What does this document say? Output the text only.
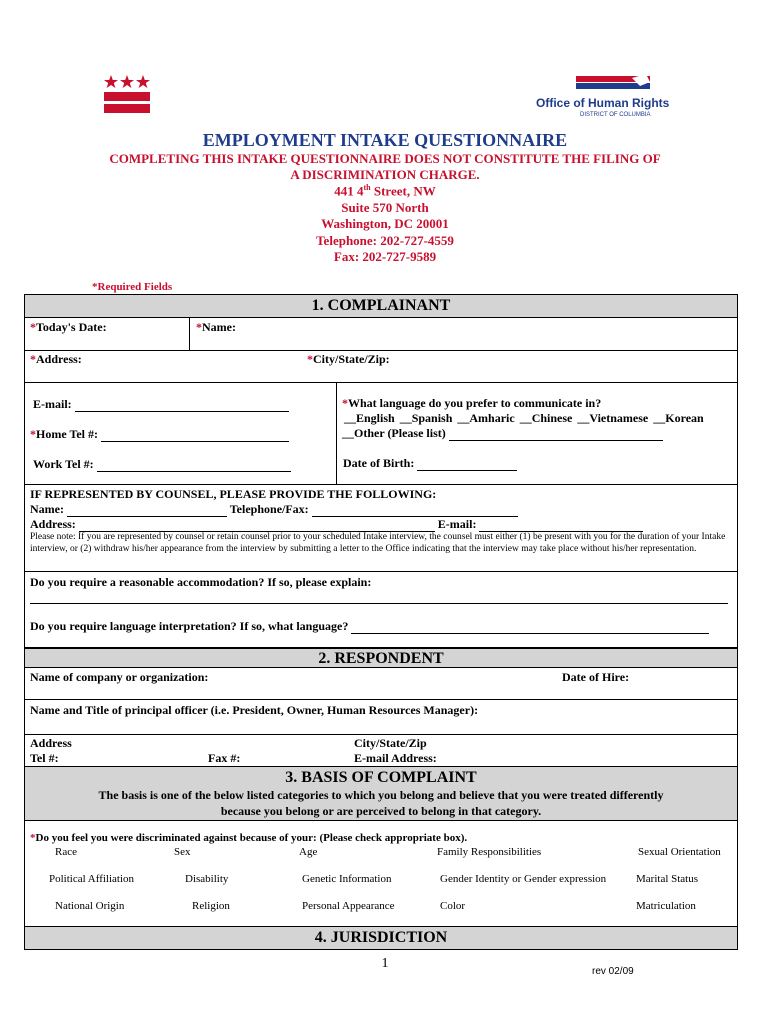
Office of Human Rights
DISTRICT OF COLUMBIA
EMPLOYMENT INTAKE QUESTIONNAIRE
COMPLETING THIS INTAKE QUESTIONNAIRE DOES NOT CONSTITUTE THE FILING OF
A DISCRIMINATION CHARGE.
441 4th Street, NW
Suite 570 North
Washington, DC 20001
Telephone: 202-727-4559
Fax: 202-727-9589
*Required Fields
1. COMPLAINANT
*Today's Date:	*Name:
*Address:	*City/State/Zip:
E-mail:
*Home Tel #:
Work Tel #:
*What language do you prefer to communicate in?
__English __Spanish __Amharic __Chinese __Vietnamese __Korean
__Other (Please list)
Date of Birth:
IF REPRESENTED BY COUNSEL, PLEASE PROVIDE THE FOLLOWING:
Name:	Telephone/Fax:
Address:	E-mail:
Please note: If you are represented by counsel or retain counsel prior to your scheduled Intake interview, the counsel must either (1) be present with you for the duration of your Intake interview, or (2) withdraw his/her appearance from the interview by submitting a letter to the Office indicating that the interview may take place without his/her representation.
Do you require a reasonable accommodation? If so, please explain:
Do you require language interpretation? If so, what language?
2. RESPONDENT
Name of company or organization:	Date of Hire:
Name and Title of principal officer (i.e. President, Owner, Human Resources Manager):
Address	City/State/Zip
Tel #:	Fax #:	E-mail Address:
3. BASIS OF COMPLAINT
The basis is one of the below listed categories to which you belong and believe that you were treated differently
because you belong or are perceived to belong in that category.
*Do you feel you were discriminated against because of your: (Please check appropriate box).
Race	Sex	Age	Family Responsibilities	Sexual Orientation
Political Affiliation	Disability	Genetic Information	Gender Identity or Gender expression	Marital Status
National Origin	Religion	Personal Appearance	Color	Matriculation
4. JURISDICTION
1
rev 02/09
